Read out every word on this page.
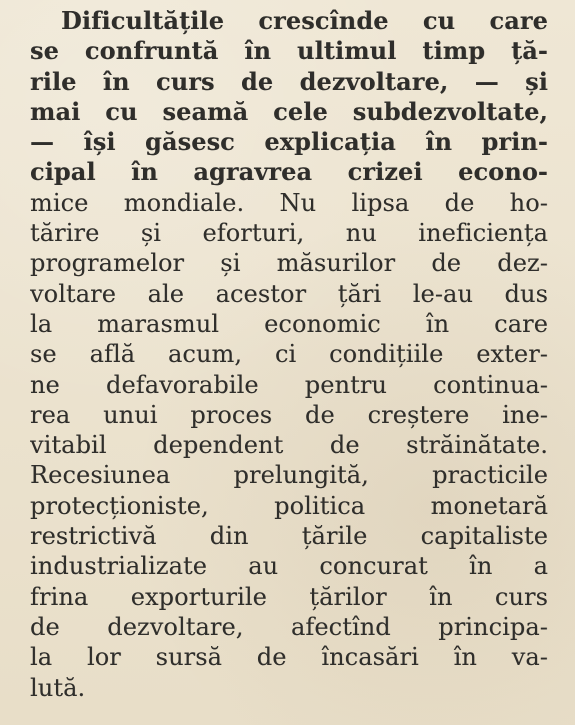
Dificultățile crescînde cu care
se confruntă în ultimul timp ță-
rile în curs de dezvoltare, — și
mai cu seamă cele subdezvoltate,
— își găsesc explicația în prin-
cipal în agravrea crizei econo-
mice mondiale. Nu lipsa de ho-
tărire și eforturi, nu ineficiența
programelor și măsurilor de dez-
voltare ale acestor țări le-au dus
la marasmul economic în care
se află acum, ci condițiile exter-
ne defavorabile pentru continua-
rea unui proces de creștere ine-
vitabil dependent de străinătate.
Recesiunea prelungită, practicile
protecționiste, politica monetară
restrictivă din țările capitaliste
industrializate au concurat în a
frina exporturile țărilor în curs
de dezvoltare, afectînd principa-
la lor sursă de încasări în va-
lută.
